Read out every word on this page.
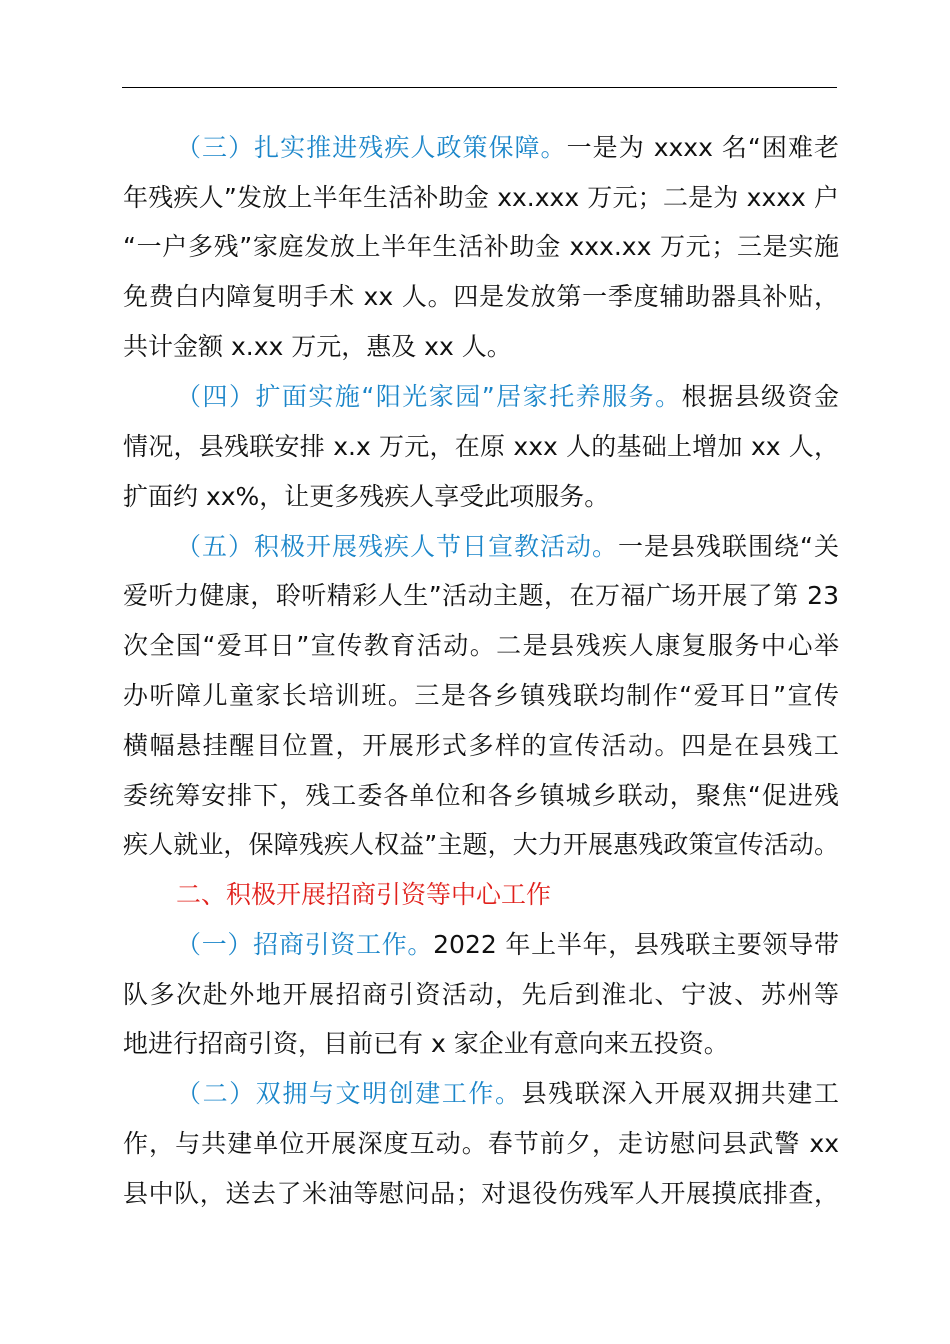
（三）扎实推进残疾人政策保障。一是为 xxxx 名“困难老
年残疾人”发放上半年生活补助金 xx.xxx 万元；二是为 xxxx 户
“一户多残”家庭发放上半年生活补助金 xxx.xx 万元；三是实施
免费白内障复明手术 xx 人。四是发放第一季度辅助器具补贴，
共计金额 x.xx 万元，惠及 xx 人。
（四）扩面实施“阳光家园”居家托养服务。根据县级资金
情况，县残联安排 x.x 万元，在原 xxx 人的基础上增加 xx 人，
扩面约 xx%，让更多残疾人享受此项服务。
（五）积极开展残疾人节日宣教活动。一是县残联围绕“关
爱听力健康，聆听精彩人生”活动主题，在万福广场开展了第 23
次全国“爱耳日”宣传教育活动。二是县残疾人康复服务中心举
办听障儿童家长培训班。三是各乡镇残联均制作“爱耳日”宣传
横幅悬挂醒目位置，开展形式多样的宣传活动。四是在县残工
委统筹安排下，残工委各单位和各乡镇城乡联动，聚焦“促进残
疾人就业，保障残疾人权益”主题，大力开展惠残政策宣传活动。
二、积极开展招商引资等中心工作
（一）招商引资工作。2022 年上半年，县残联主要领导带
队多次赴外地开展招商引资活动，先后到淮北、宁波、苏州等
地进行招商引资，目前已有 x 家企业有意向来五投资。
（二）双拥与文明创建工作。县残联深入开展双拥共建工
作，与共建单位开展深度互动。春节前夕，走访慰问县武警 xx
县中队，送去了米油等慰问品；对退役伤残军人开展摸底排查，
